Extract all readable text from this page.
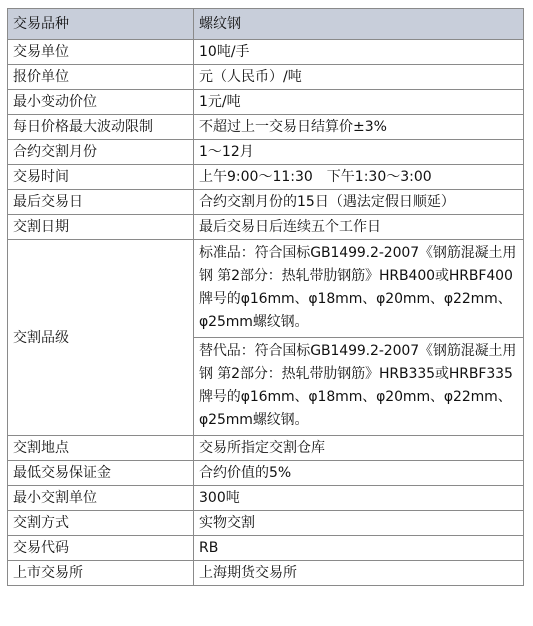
交易品种	螺纹钢
交易单位	10吨/手
报价单位	元（人民币）/吨
最小变动价位	1元/吨
每日价格最大波动限制	不超过上一交易日结算价±3%
合约交割月份	1～12月
交易时间	上午9:00～11:30　下午1:30～3:00
最后交易日	合约交割月份的15日（遇法定假日顺延）
交割日期	最后交易日后连续五个工作日
交割品级	标准品：符合国标GB1499.2-2007《钢筋混凝土用钢 第2部分：热轧带肋钢筋》HRB400或HRBF400牌号的φ16mm、φ18mm、φ20mm、φ22mm、φ25mm螺纹钢。
	替代品：符合国标GB1499.2-2007《钢筋混凝土用钢 第2部分：热轧带肋钢筋》HRB335或HRBF335牌号的φ16mm、φ18mm、φ20mm、φ22mm、φ25mm螺纹钢。
交割地点	交易所指定交割仓库
最低交易保证金	合约价值的5%
最小交割单位	300吨
交割方式	实物交割
交易代码	RB
上市交易所	上海期货交易所
